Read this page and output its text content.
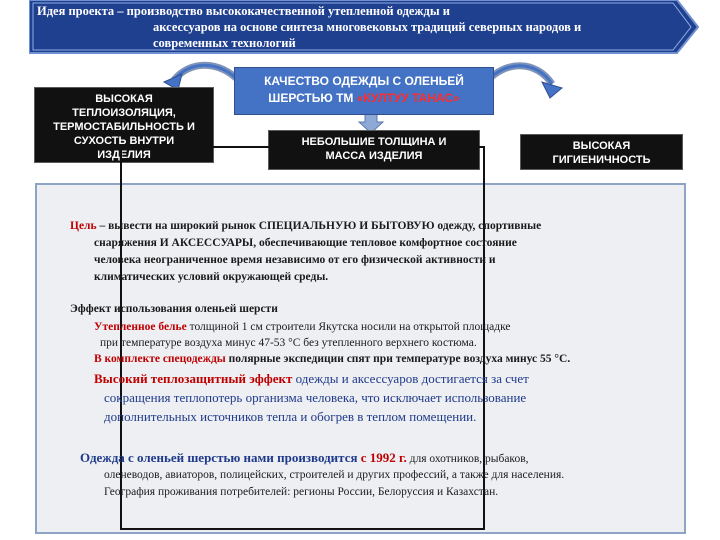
Идея проекта – производство высококачественной утепленной одежды и
аксессуаров на основе синтеза многовековых традиций северных народов и
современных технологий
КАЧЕСТВО ОДЕЖДЫ С ОЛЕНЬЕЙ
ШЕРСТЬЮ ТМ «КУЛТУУ ТАНАС»
ВЫСОКАЯ
ТЕПЛОИЗОЛЯЦИЯ,
ТЕРМОСТАБИЛЬНОСТЬ И
СУХОСТЬ ВНУТРИ
ИЗДЕЛИЯ
НЕБОЛЬШИЕ ТОЛЩИНА И
МАССА ИЗДЕЛИЯ
ВЫСОКАЯ
ГИГИЕНИЧНОСТЬ
Цель – вывести на широкий рынок СПЕЦИАЛЬНУЮ И БЫТОВУЮ одежду, спортивные
снаряжения И АКСЕССУАРЫ, обеспечивающие тепловое комфортное состояние
человека неограниченное время независимо от его физической активности и
климатических условий окружающей среды.
Эффект использования оленьей шерсти
Утепленное белье толщиной 1 см строители Якутска носили на открытой площадке
при температуре воздуха минус 47-53 °С без утепленного верхнего костюма.
В комплекте спецодежды полярные экспедиции спят при температуре воздуха минус 55 °С.
Высокий теплозащитный эффект одежды и аксессуаров достигается за счет
сокращения теплопотерь организма человека, что исключает использование
дополнительных источников тепла и обогрев в теплом помещении.
Одежда с оленьей шерстью нами производится с 1992 г. для охотников, рыбаков,
оленеводов, авиаторов, полицейских, строителей и других профессий, а также для населения.
География проживания потребителей: регионы России, Белоруссия и Казахстан.
